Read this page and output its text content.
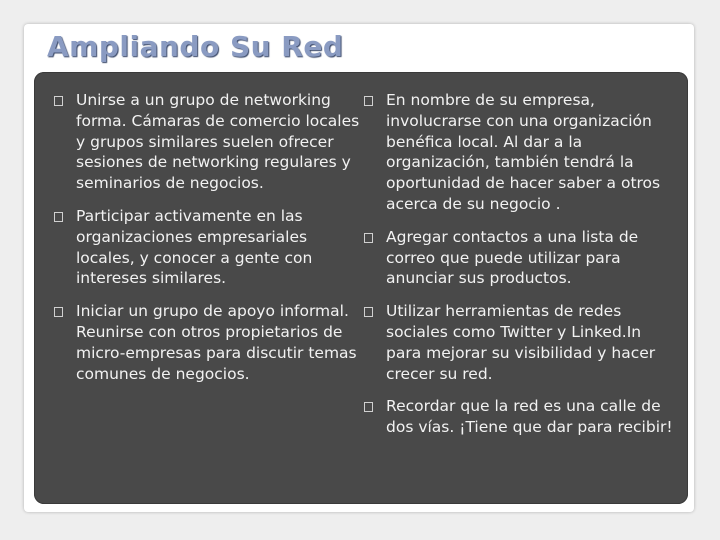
Ampliando Su Red
Unirse a un grupo de networking forma. Cámaras de comercio locales y grupos similares suelen ofrecer sesiones de networking regulares y seminarios de negocios.
Participar activamente en las organizaciones empresariales locales, y conocer a gente con intereses similares.
Iniciar un grupo de apoyo informal. Reunirse con otros propietarios de micro-empresas para discutir temas comunes de negocios.
En nombre de su empresa, involucrarse con una organización benéfica local. Al dar a la organización, también tendrá la oportunidad de hacer saber a otros acerca de su negocio .
Agregar contactos a una lista de correo que puede utilizar para anunciar sus productos.
Utilizar herramientas de redes sociales como Twitter y Linked.In para mejorar su visibilidad y hacer crecer su red.
Recordar que la red es una calle de dos vías. ¡Tiene que dar para recibir!
